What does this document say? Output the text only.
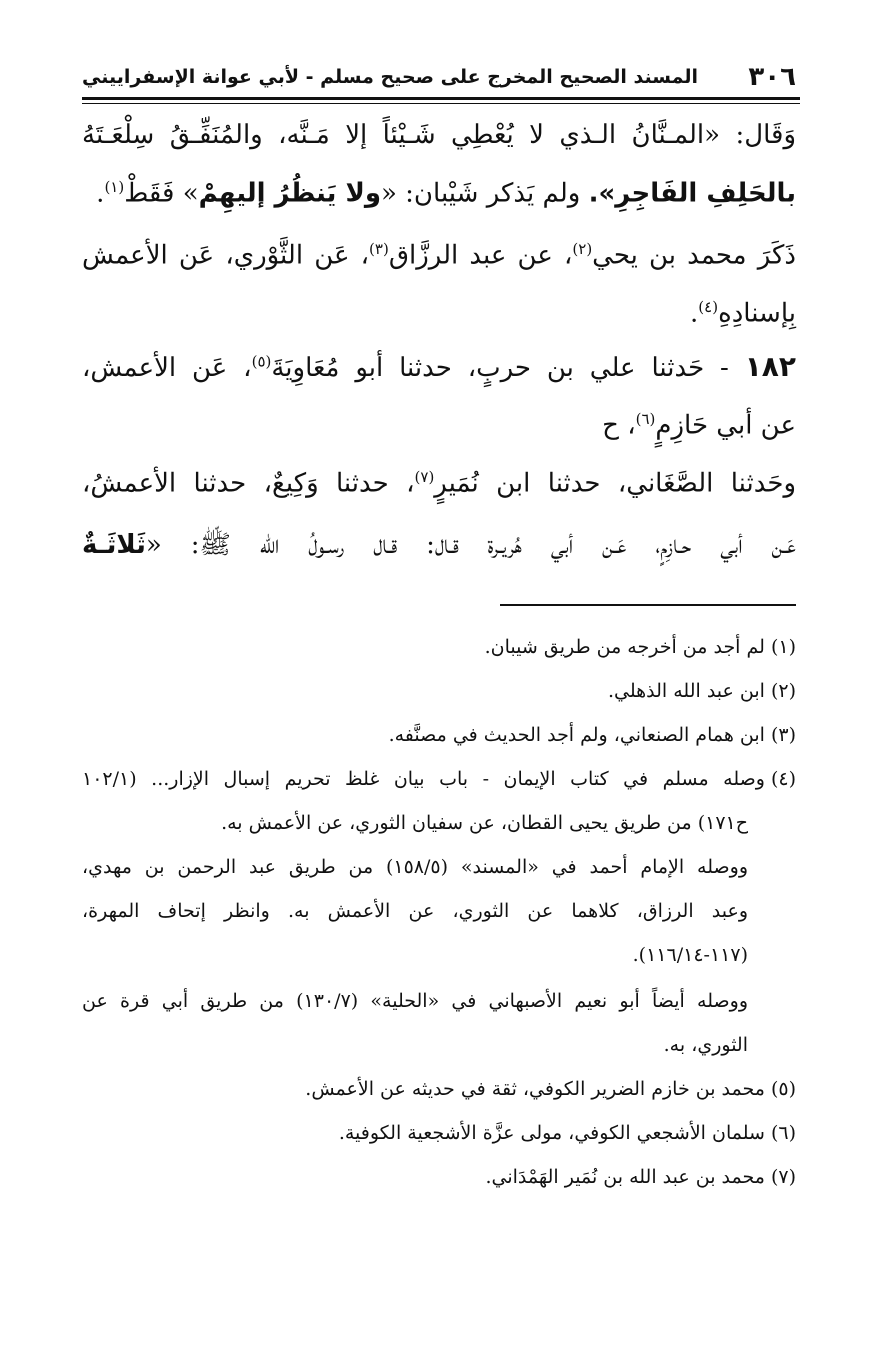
٣٠٦
المسند الصحيح المخرج على صحيح مسلم - لأبي عوانة الإسفراييني
وَقَال: «المـنَّانُ الـذي لا يُعْطِي شَـيْئاً إلا مَـنَّه، والمُنَفِّـقُ سِلْعَـتَهُ
بالحَلِفِ الفَاجِرِ». ولم يَذكر شَيْبان: «ولا يَنظُرُ إليهِمْ» فَقَطْ$^{(١)}$.
ذَكَرَ محمد بن يحي$^{(٢)}$، عن عبد الرزَّاق$^{(٣)}$، عَن الثَّوْري، عَن الأعمش
بِإسنادِهِ$^{(٤)}$.
١٨٢ - حَدثنا علي بن حربٍ، حدثنا أبو مُعَاوِيَةَ$^{(٥)}$، عَن الأعمش،
عن أبي حَازِمٍ$^{(٦)}$، ح
وحَدثنا الصَّغَاني، حدثنا ابن نُمَيرٍ$^{(٧)}$، حدثنا وَكِيعٌ، حدثنا الأعمشُ،
عَـن أبي حـازِمٍ، عَـن أبي هُريـرة قـال: قـال رسـولُ الله ﷺ: «ثَلاثَـةٌ
(١)لم أجد من أخرجه من طريق شيبان.
(٢)ابن عبد الله الذهلي.
(٣)ابن همام الصنعاني، ولم أجد الحديث في مصنَّفه.
(٤)وصله مسلم في كتاب الإيمان - باب بيان غلظ تحريم إسبال الإزار... (١٠٢/١
ح١٧١) من طريق يحيى القطان، عن سفيان الثوري، عن الأعمش به.
ووصله الإمام أحمد في «المسند» (١٥٨/٥) من طريق عبد الرحمن بن مهدي،
وعبد الرزاق، كلاهما عن الثوري، عن الأعمش به. وانظر إتحاف المهرة،
(١١٧-١١٦/١٤).
ووصله أيضاً أبو نعيم الأصبهاني في «الحلية» (١٣٠/٧) من طريق أبي قرة عن
الثوري، به.
(٥)محمد بن خازم الضرير الكوفي، ثقة في حديثه عن الأعمش.
(٦)سلمان الأشجعي الكوفي، مولى عزَّة الأشجعية الكوفية.
(٧)محمد بن عبد الله بن نُمَير الهَمْدَاني.
